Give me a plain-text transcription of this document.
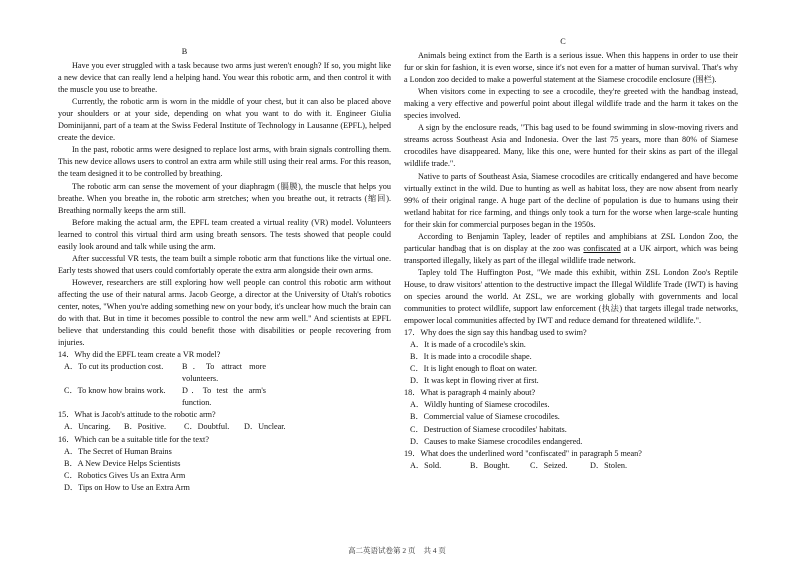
B

Have you ever struggled with a task because two arms just weren't enough? If so, you might like a new device that can really lend a helping hand. You wear this robotic arm, and then control it with the muscle you use to breathe.

Currently, the robotic arm is worn in the middle of your chest, but it can also be placed above your shoulders or at your side, depending on what you want to do with it. Engineer Giulia Dominijanni, part of a team at the Swiss Federal Institute of Technology in Lausanne (EPFL), helped create the device.

In the past, robotic arms were designed to replace lost arms, with brain signals controlling them. This new device allows users to control an extra arm while still using their real arms. For this reason, the team designed it to be controlled by breathing.

The robotic arm can sense the movement of your diaphragm (膈膜), the muscle that helps you breathe. When you breathe in, the robotic arm stretches; when you breathe out, it retracts (缩回). Breathing normally keeps the arm still.

Before making the actual arm, the EPFL team created a virtual reality (VR) model. Volunteers learned to control this virtual third arm using breath sensors. The tests showed that people could easily look around and talk while using the arm.

After successful VR tests, the team built a simple robotic arm that functions like the virtual one. Early tests showed that users could comfortably operate the extra arm alongside their own arms.

However, researchers are still exploring how well people can control this robotic arm without affecting the use of their natural arms. Jacob George, a director at the University of Utah's robotics center, notes, "When you're adding something new on your body, it's unclear how much the brain can do with that. But in time it becomes possible to control the new arm well." And scientists at EPFL believe that understanding this could benefit those with disabilities or people recovering from injuries.

14．Why did the EPFL team create a VR model?

A．To cut its production cost.	B．To attract more volunteers.
C．To know how brains work.	D．To test the arm's function.

15．What is Jacob's attitude to the robotic arm?

A．Uncaring.	B．Positive.	C．Doubtful.	D．Unclear.

16．Which can be a suitable title for the text?

A．The Secret of Human Brains
B．A New Device Helps Scientists
C．Robotics Gives Us an Extra Arm
D．Tips on How to Use an Extra Arm

C

Animals being extinct from the Earth is a serious issue. When this happens in order to use their fur or skin for fashion, it is even worse, since it's not even for a matter of human survival. That's why a London zoo decided to make a powerful statement at the Siamese crocodile enclosure (围栏).

When visitors come in expecting to see a crocodile, they're greeted with the handbag instead, making a very effective and powerful point about illegal wildlife trade and the harm it takes on the species involved.

A sign by the enclosure reads, "This bag used to be found swimming in slow-moving rivers and streams across Southeast Asia and Indonesia. Over the last 75 years, more than 80% of Siamese crocodiles have disappeared. Many, like this one, were hunted for their skins as part of the illegal wildlife trade.".

Native to parts of Southeast Asia, Siamese crocodiles are critically endangered and have become virtually extinct in the wild. Due to hunting as well as habitat loss, they are now absent from nearly 99% of their original range. A huge part of the decline of population is due to humans using their wetland habitat for rice farming, and things only took a turn for the worse when large-scale hunting for their skin for commercial purposes began in the 1950s.

According to Benjamin Tapley, leader of reptiles and amphibians at ZSL London Zoo, the particular handbag that is on display at the zoo was confiscated at a UK airport, which was being transported illegally, likely as part of the illegal wildlife trade network.

Tapley told The Huffington Post, "We made this exhibit, within ZSL London Zoo's Reptile House, to draw visitors' attention to the destructive impact the Illegal Wildlife Trade (IWT) is having on species around the world. At ZSL, we are working globally with governments and local communities to protect wildlife, support law enforcement (执法) that targets illegal trade networks, empower local communities affected by IWT and reduce demand for threatened wildlife.".

17．Why does the sign say this handbag used to swim?

A．It is made of a crocodile's skin.
B．It is made into a crocodile shape.
C．It is light enough to float on water.
D．It was kept in flowing river at first.

18．What is paragraph 4 mainly about?

A．Wildly hunting of Siamese crocodiles.
B．Commercial value of Siamese crocodiles.
C．Destruction of Siamese crocodiles' habitats.
D．Causes to make Siamese crocodiles endangered.

19．What does the underlined word "confiscated" in paragraph 5 mean?

A．Sold.	B．Bought.	C．Seized.	D．Stolen.
高二英语试卷第 2 页 共 4 页
